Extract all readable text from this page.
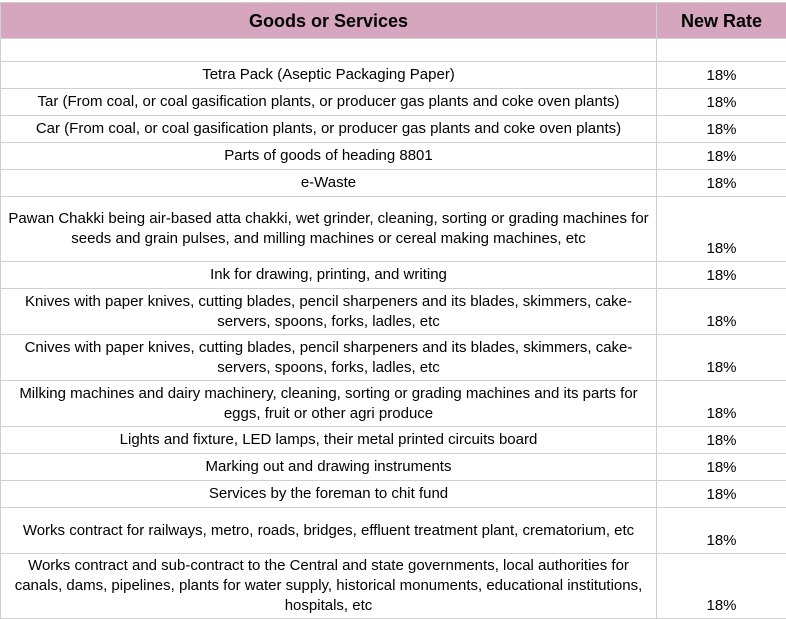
Goods or Services	New Rate

Tetra Pack (Aseptic Packaging Paper)	18%
Tar (From coal, or coal gasification plants, or producer gas plants and coke oven plants)	18%
Car (From coal, or coal gasification plants, or producer gas plants and coke oven plants)	18%
Parts of goods of heading 8801	18%
e-Waste	18%
Pawan Chakki being air-based atta chakki, wet grinder, cleaning, sorting or grading machines for seeds and grain pulses, and milling machines or cereal making machines, etc	18%
Ink for drawing, printing, and writing	18%
Knives with paper knives, cutting blades, pencil sharpeners and its blades, skimmers, cake-servers, spoons, forks, ladles, etc	18%
Cnives with paper knives, cutting blades, pencil sharpeners and its blades, skimmers, cake-servers, spoons, forks, ladles, etc	18%
Milking machines and dairy machinery, cleaning, sorting or grading machines and its parts for eggs, fruit or other agri produce	18%
Lights and fixture, LED lamps, their metal printed circuits board	18%
Marking out and drawing instruments	18%
Services by the foreman to chit fund	18%
Works contract for railways, metro, roads, bridges, effluent treatment plant, crematorium, etc	18%
Works contract and sub-contract to the Central and state governments, local authorities for canals, dams, pipelines, plants for water supply, historical monuments, educational institutions, hospitals, etc	18%
